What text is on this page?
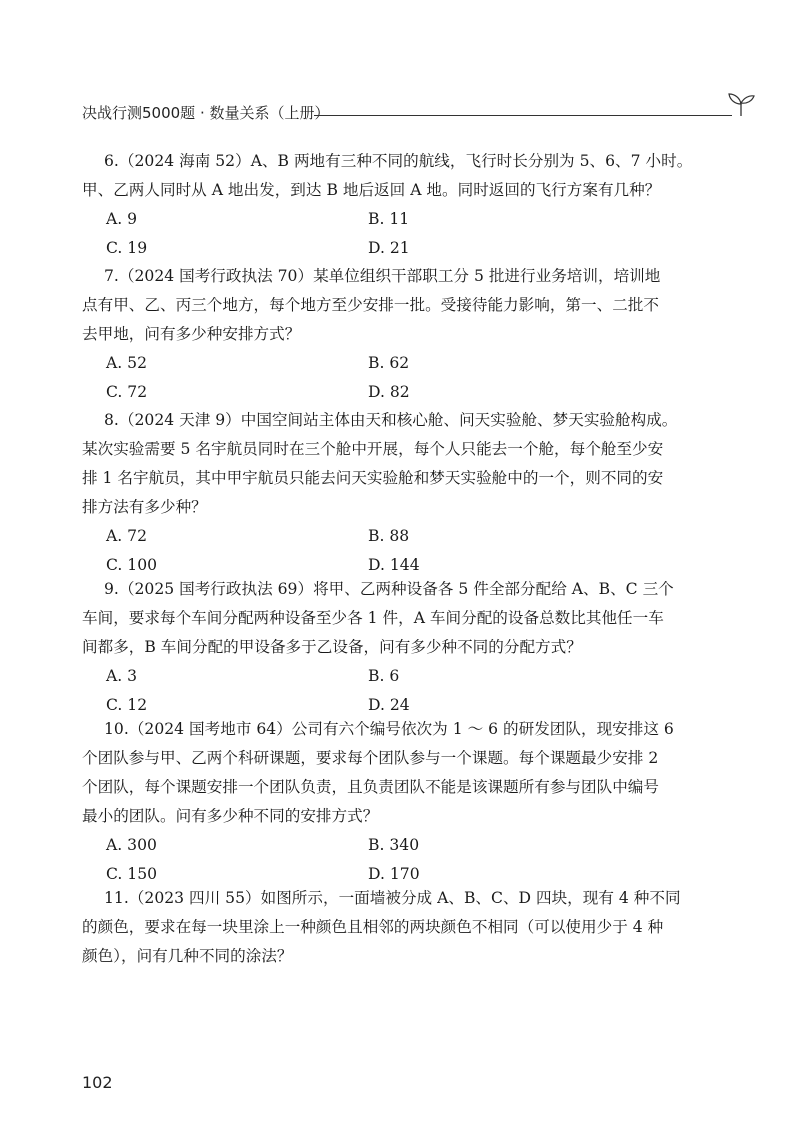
决战行测5000题 · 数量关系（上册）
6.（2024 海南 52）A、B 两地有三种不同的航线，飞行时长分别为 5、6、7 小时。
甲、乙两人同时从 A 地出发，到达 B 地后返回 A 地。同时返回的飞行方案有几种？
A. 9	B. 11
C. 19	D. 21
7.（2024 国考行政执法 70）某单位组织干部职工分 5 批进行业务培训，培训地
点有甲、乙、丙三个地方，每个地方至少安排一批。受接待能力影响，第一、二批不
去甲地，问有多少种安排方式？
A. 52	B. 62
C. 72	D. 82
8.（2024 天津 9）中国空间站主体由天和核心舱、问天实验舱、梦天实验舱构成。
某次实验需要 5 名宇航员同时在三个舱中开展，每个人只能去一个舱，每个舱至少安
排 1 名宇航员，其中甲宇航员只能去问天实验舱和梦天实验舱中的一个，则不同的安
排方法有多少种？
A. 72	B. 88
C. 100	D. 144
9.（2025 国考行政执法 69）将甲、乙两种设备各 5 件全部分配给 A、B、C 三个
车间，要求每个车间分配两种设备至少各 1 件，A 车间分配的设备总数比其他任一车
间都多，B 车间分配的甲设备多于乙设备，问有多少种不同的分配方式？
A. 3	B. 6
C. 12	D. 24
10.（2024 国考地市 64）公司有六个编号依次为 1 ～ 6 的研发团队，现安排这 6
个团队参与甲、乙两个科研课题，要求每个团队参与一个课题。每个课题最少安排 2
个团队，每个课题安排一个团队负责，且负责团队不能是该课题所有参与团队中编号
最小的团队。问有多少种不同的安排方式？
A. 300	B. 340
C. 150	D. 170
11.（2023 四川 55）如图所示，一面墙被分成 A、B、C、D 四块，现有 4 种不同
的颜色，要求在每一块里涂上一种颜色且相邻的两块颜色不相同（可以使用少于 4 种
颜色），问有几种不同的涂法？
102
